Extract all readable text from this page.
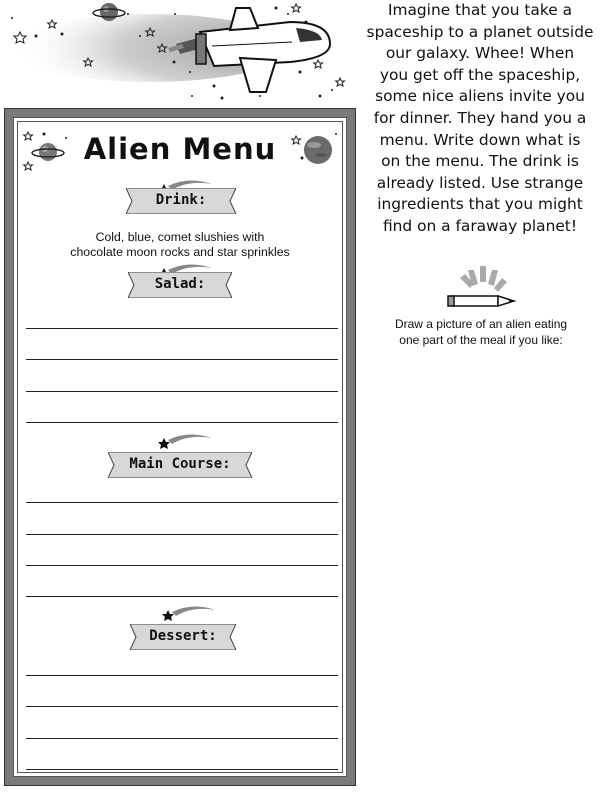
Imagine that you take a
spaceship to a planet outside
our galaxy. Whee! When
you get off the spaceship,
some nice aliens invite you
for dinner. They hand you a
menu. Write down what is
on the menu. The drink is
already listed. Use strange
ingredients that you might
find on a faraway planet!
Draw a picture of an alien eating
one part of the meal if you like:
Alien Menu
Drink:
Cold, blue, comet slushies with
chocolate moon rocks and star sprinkles
Salad:
Main Course:
Dessert:
